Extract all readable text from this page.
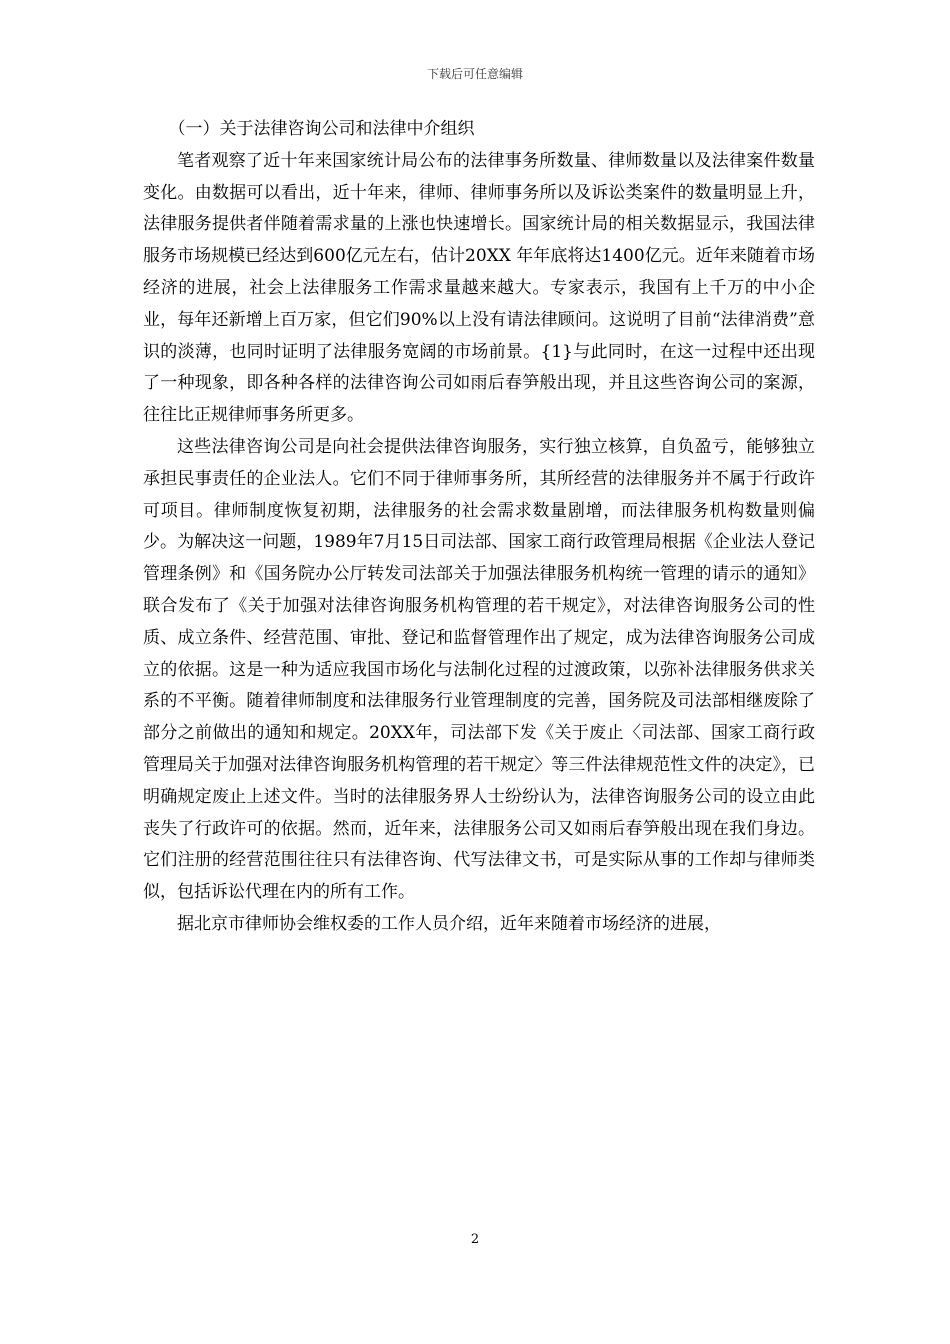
下载后可任意编辑

（一）关于法律咨询公司和法律中介组织

笔者观察了近十年来国家统计局公布的法律事务所数量、律师数量以及法律案件数量变化。由数据可以看出，近十年来，律师、律师事务所以及诉讼类案件的数量明显上升，法律服务提供者伴随着需求量的上涨也快速增长。国家统计局的相关数据显示，我国法律服务市场规模已经达到600亿元左右，估计20XX 年年底将达1400亿元。近年来随着市场经济的进展，社会上法律服务工作需求量越来越大。专家表示，我国有上千万的中小企业，每年还新增上百万家，但它们90%以上没有请法律顾问。这说明了目前“法律消费”意识的淡薄，也同时证明了法律服务宽阔的市场前景。{1}与此同时，在这一过程中还出现了一种现象，即各种各样的法律咨询公司如雨后春笋般出现，并且这些咨询公司的案源，往往比正规律师事务所更多。

这些法律咨询公司是向社会提供法律咨询服务，实行独立核算，自负盈亏，能够独立承担民事责任的企业法人。它们不同于律师事务所，其所经营的法律服务并不属于行政许可项目。律师制度恢复初期，法律服务的社会需求数量剧增，而法律服务机构数量则偏少。为解决这一问题，1989年7月15日司法部、国家工商行政管理局根据《企业法人登记管理条例》和《国务院办公厅转发司法部关于加强法律服务机构统一管理的请示的通知》联合发布了《关于加强对法律咨询服务机构管理的若干规定》，对法律咨询服务公司的性质、成立条件、经营范围、审批、登记和监督管理作出了规定，成为法律咨询服务公司成立的依据。这是一种为适应我国市场化与法制化过程的过渡政策，以弥补法律服务供求关系的不平衡。随着律师制度和法律服务行业管理制度的完善，国务院及司法部相继废除了部分之前做出的通知和规定。20XX年，司法部下发《关于废止〈司法部、国家工商行政管理局关于加强对法律咨询服务机构管理的若干规定〉等三件法律规范性文件的决定》，已明确规定废止上述文件。当时的法律服务界人士纷纷认为，法律咨询服务公司的设立由此丧失了行政许可的依据。然而，近年来，法律服务公司又如雨后春笋般出现在我们身边。它们注册的经营范围往往只有法律咨询、代写法律文书，可是实际从事的工作却与律师类似，包括诉讼代理在内的所有工作。

据北京市律师协会维权委的工作人员介绍，近年来随着市场经济的进展，

2
